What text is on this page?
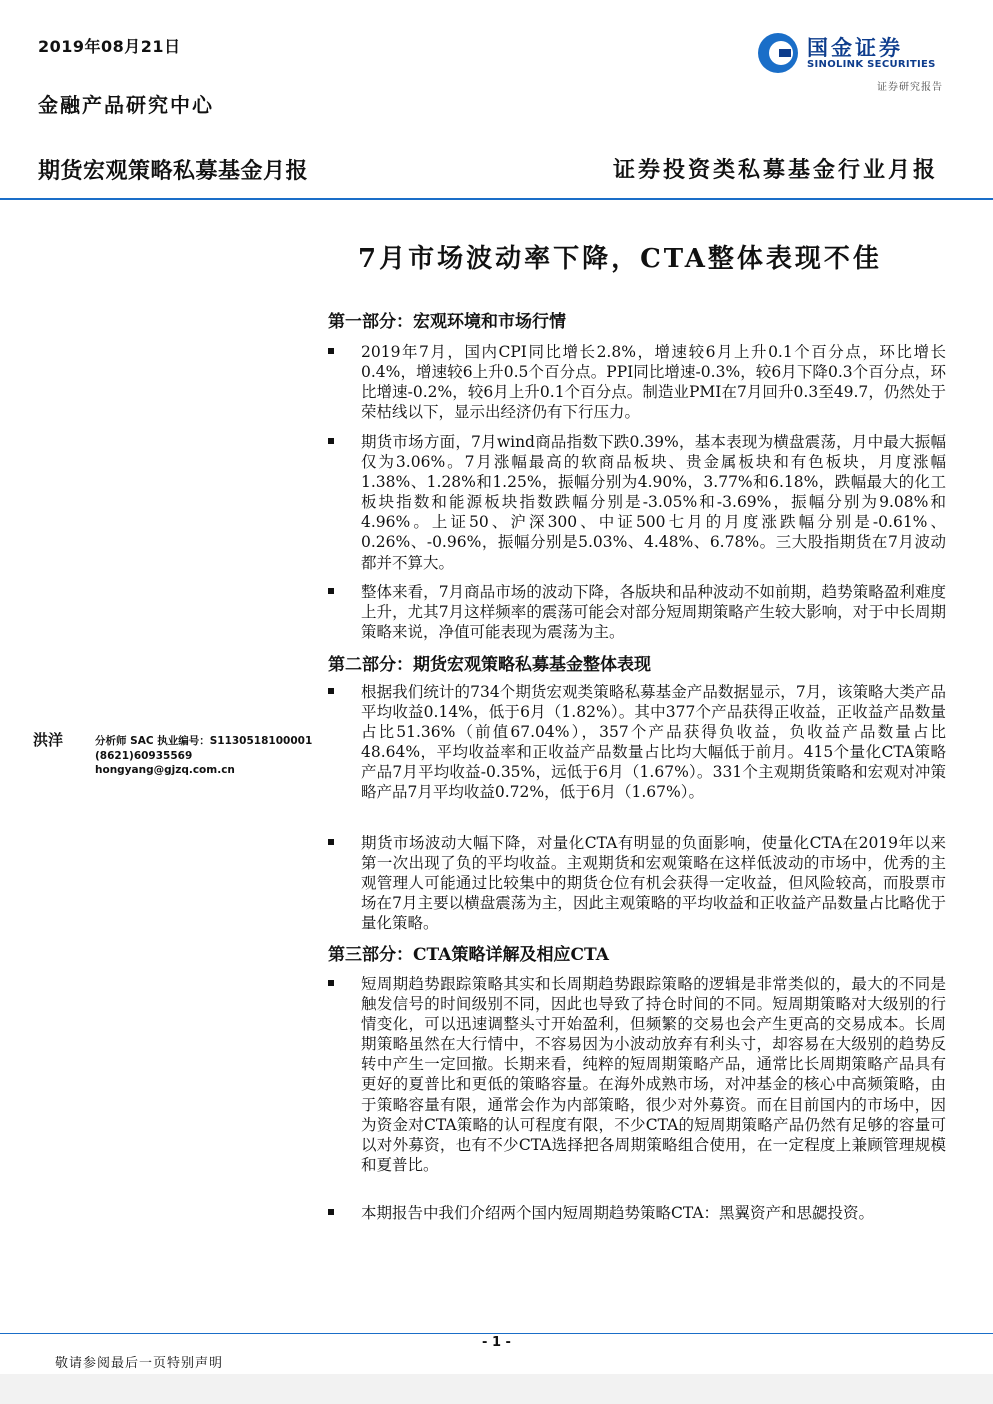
2019年08月21日
金融产品研究中心
国金证券
SINOLINK SECURITIES
证券研究报告
期货宏观策略私募基金月报	证券投资类私募基金行业月报
7月市场波动率下降，CTA整体表现不佳
第一部分：宏观环境和市场行情
2019年7月，国内CPI同比增长2.8%，增速较6月上升0.1个百分点，环比增长0.4%，增速较6上升0.5个百分点。PPI同比增速-0.3%，较6月下降0.3个百分点，环比增速-0.2%，较6月上升0.1个百分点。制造业PMI在7月回升0.3至49.7，仍然处于荣枯线以下，显示出经济仍有下行压力。
期货市场方面，7月wind商品指数下跌0.39%，基本表现为横盘震荡，月中最大振幅仅为3.06%。7月涨幅最高的软商品板块、贵金属板块和有色板块，月度涨幅1.38%、1.28%和1.25%，振幅分别为4.90%，3.77%和6.18%，跌幅最大的化工板块指数和能源板块指数跌幅分别是-3.05%和-3.69%，振幅分别为9.08%和4.96%。上证50、沪深300、中证500七月的月度涨跌幅分别是-0.61%、0.26%、-0.96%，振幅分别是5.03%、4.48%、6.78%。三大股指期货在7月波动都并不算大。
整体来看，7月商品市场的波动下降，各版块和品种波动不如前期，趋势策略盈利难度上升，尤其7月这样频率的震荡可能会对部分短周期策略产生较大影响，对于中长周期策略来说，净值可能表现为震荡为主。
第二部分：期货宏观策略私募基金整体表现
根据我们统计的734个期货宏观类策略私募基金产品数据显示，7月，该策略大类产品平均收益0.14%，低于6月（1.82%）。其中377个产品获得正收益，正收益产品数量占比51.36%（前值67.04%），357个产品获得负收益，负收益产品数量占比48.64%，平均收益率和正收益产品数量占比均大幅低于前月。415个量化CTA策略产品7月平均收益-0.35%，远低于6月（1.67%）。331个主观期货策略和宏观对冲策略产品7月平均收益0.72%，低于6月（1.67%）。
期货市场波动大幅下降，对量化CTA有明显的负面影响，使量化CTA在2019年以来第一次出现了负的平均收益。主观期货和宏观策略在这样低波动的市场中，优秀的主观管理人可能通过比较集中的期货仓位有机会获得一定收益，但风险较高，而股票市场在7月主要以横盘震荡为主，因此主观策略的平均收益和正收益产品数量占比略优于量化策略。
第三部分：CTA策略详解及相应CTA
短周期趋势跟踪策略其实和长周期趋势跟踪策略的逻辑是非常类似的，最大的不同是触发信号的时间级别不同，因此也导致了持仓时间的不同。短周期策略对大级别的行情变化，可以迅速调整头寸开始盈利，但频繁的交易也会产生更高的交易成本。长周期策略虽然在大行情中，不容易因为小波动放弃有利头寸，却容易在大级别的趋势反转中产生一定回撤。长期来看，纯粹的短周期策略产品，通常比长周期策略产品具有更好的夏普比和更低的策略容量。在海外成熟市场，对冲基金的核心中高频策略，由于策略容量有限，通常会作为内部策略，很少对外募资。而在目前国内的市场中，因为资金对CTA策略的认可程度有限，不少CTA的短周期策略产品仍然有足够的容量可以对外募资，也有不少CTA选择把各周期策略组合使用，在一定程度上兼顾管理规模和夏普比。
本期报告中我们介绍两个国内短周期趋势策略CTA：黑翼资产和思勰投资。
洪洋	分析师 SAC 执业编号：S1130518100001
(8621)60935569
hongyang@gjzq.com.cn
- 1 -
敬请参阅最后一页特别声明
